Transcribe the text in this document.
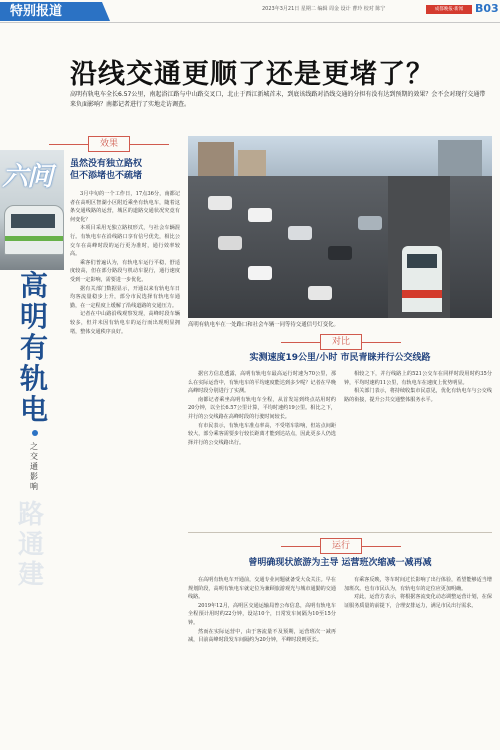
特别报道	2023年3月21日 星期二 编辑 周金 设计 曹玲 校对 陈宁	成都晚报·新闻	B03
沿线交通更顺了还是更堵了？
高明有轨电车全长6.57公里，南起浴江路与中山路交叉口，北止于西江新城首末，到底该线路对沿线交通的分担有没有达到预期的效果？会不会对现行交通带来负面影响？南都记者进行了实地走访调查。
六问
高
明
有
轨
电
之交通影响
路
通
建
效果
虽然没有独立路权
但不添堵也不疏堵

3月中旬的一个工作日，17点36分，南都记者在高明区智湖小区附近乘坐有轨电车，随着这条交通线路的运营，城区的道路交通状况究竟有何变化？

本项目采用无独立路权形式，与社会车辆混行。有轨电车在沿线路口享有信号优先，相比公交车在高峰时段的运行更为准时，通行效率较高。

乘客们普遍认为，有轨电车运行平稳，舒适度较高，但在部分路段与机动车混行，通行速度受到一定影响，需要进一步优化。

据有关部门数据显示，开通以来有轨电车日均客流量稳步上升，部分市民选择有轨电车通勤，在一定程度上缓解了沿线道路的交通压力。

记者在中山路沿线观察发现，高峰时段车辆较多，但并未因有轨电车的运行而出现明显拥堵，整体交通秩序良好。

高明有轨电车在一处路口和社会车辆一同等待交通信号灯变化。
对比
实测速度19公里/小时 市民青睐并行公交线路

据官方信息透露，高明有轨电车最高运行时速为70公里，那么在实际运营中，有轨电车的平均速度能达到多少呢？记者在早晚高峰时段分别进行了实测。

南都记者乘坐高明有轨电车全程，从首发站到终点站用时约20分钟，以全长6.57公里计算，平均时速约19公里。相比之下，并行的公交线路在高峰时段的行驶时间较长。

有市民表示，有轨电车准点率高，不受堵车影响，但站点间距较大，部分乘客需要步行较长距离才能到达站点，因此更多人仍选择并行的公交线路出行。

相较之下，并行线路上的521公交车在同样时段用时约35分钟，平均时速约11公里，有轨电车在速度上优势明显。

相关部门表示，将持续收集市民意见，优化有轨电车与公交线路的衔接，提升公共交通整体服务水平。

运行
曾明确现状旅游为主导 运营班次缩减一减再减

在高明有轨电车开通前，交通专业问题就备受大众关注。早在规划阶段，高明有轨电车就定位为兼顾旅游观光与城市通勤的交通线路。

2019年12月，高明区交通运输局曾公布信息，高明有轨电车全程预计用时约22分钟，设站10个，日常发车间隔为10至15分钟。

然而在实际运营中，由于客流量不及预期，运营班次一减再减，目前高峰时段发车间隔约为20分钟，平峰时段则更长。

有乘客反映，等车时间过长影响了出行体验，希望能够适当增加班次。也有市民认为，有轨电车的定位应更加明确。

对此，运营方表示，将根据客流变化动态调整运营计划，在保证服务质量的前提下，合理安排运力，满足市民出行需求。
